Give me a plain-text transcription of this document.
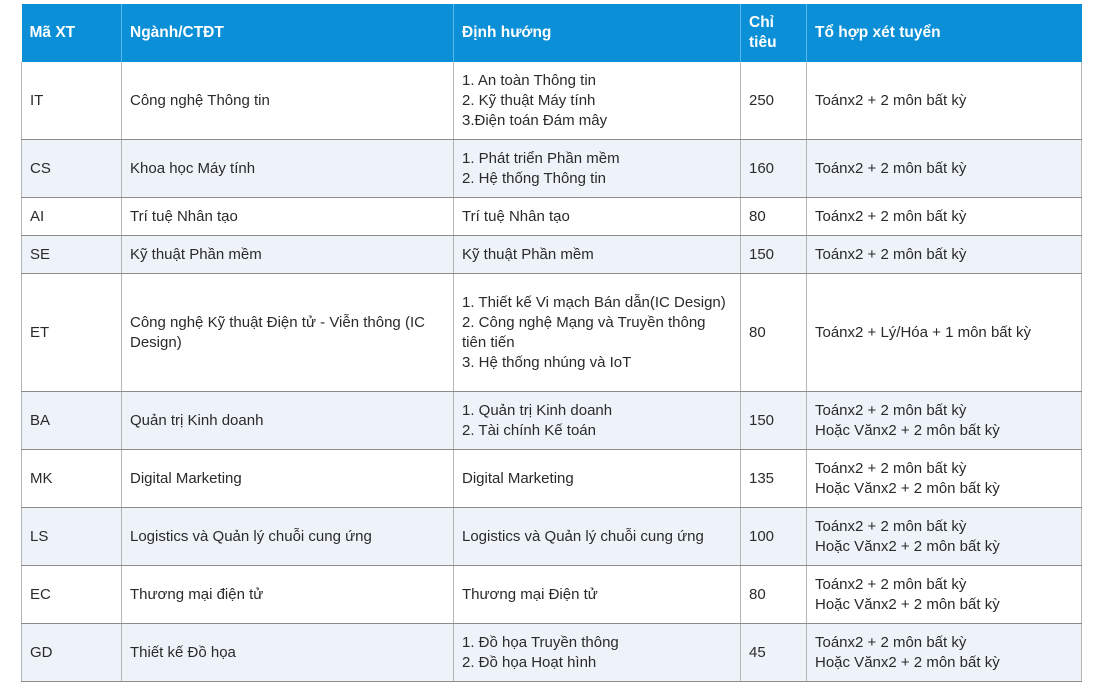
Mã XT	Ngành/CTĐT	Định hướng	Chỉ
tiêu	Tổ hợp xét tuyển
IT	Công nghệ Thông tin	1. An toàn Thông tin
2. Kỹ thuật Máy tính
3.Điện toán Đám mây	250	Toánx2 + 2 môn bất kỳ

CS	Khoa học Máy tính	1. Phát triển Phần mềm
2. Hệ thống Thông tin	160	Toánx2 + 2 môn bất kỳ

AI	Trí tuệ Nhân tạo	Trí tuệ Nhân tạo	80	Toánx2 + 2 môn bất kỳ

SE	Kỹ thuật Phần mềm	Kỹ thuật Phần mềm	150	Toánx2 + 2 môn bất kỳ

ET	Công nghệ Kỹ thuật Điện tử - Viễn thông (IC Design)	1. Thiết kế Vi mạch Bán dẫn(IC Design)
2. Công nghệ Mạng và Truyền thông tiên tiến
3. Hệ thống nhúng và IoT	80	Toánx2 + Lý/Hóa + 1 môn bất kỳ

BA	Quản trị Kinh doanh	1. Quản trị Kinh doanh
2. Tài chính Kế toán	150	Toánx2 + 2 môn bất kỳ
Hoặc Vănx2 + 2 môn bất kỳ

MK	Digital Marketing	Digital Marketing	135	Toánx2 + 2 môn bất kỳ
Hoặc Vănx2 + 2 môn bất kỳ

LS	Logistics và Quản lý chuỗi cung ứng	Logistics và Quản lý chuỗi cung ứng	100	Toánx2 + 2 môn bất kỳ
Hoặc Vănx2 + 2 môn bất kỳ

EC	Thương mại điện tử	Thương mại Điện tử	80	Toánx2 + 2 môn bất kỳ
Hoặc Vănx2 + 2 môn bất kỳ

GD	Thiết kế Đồ họa	1. Đồ họa Truyền thông
2. Đồ họa Hoạt hình	45	Toánx2 + 2 môn bất kỳ
Hoặc Vănx2 + 2 môn bất kỳ
